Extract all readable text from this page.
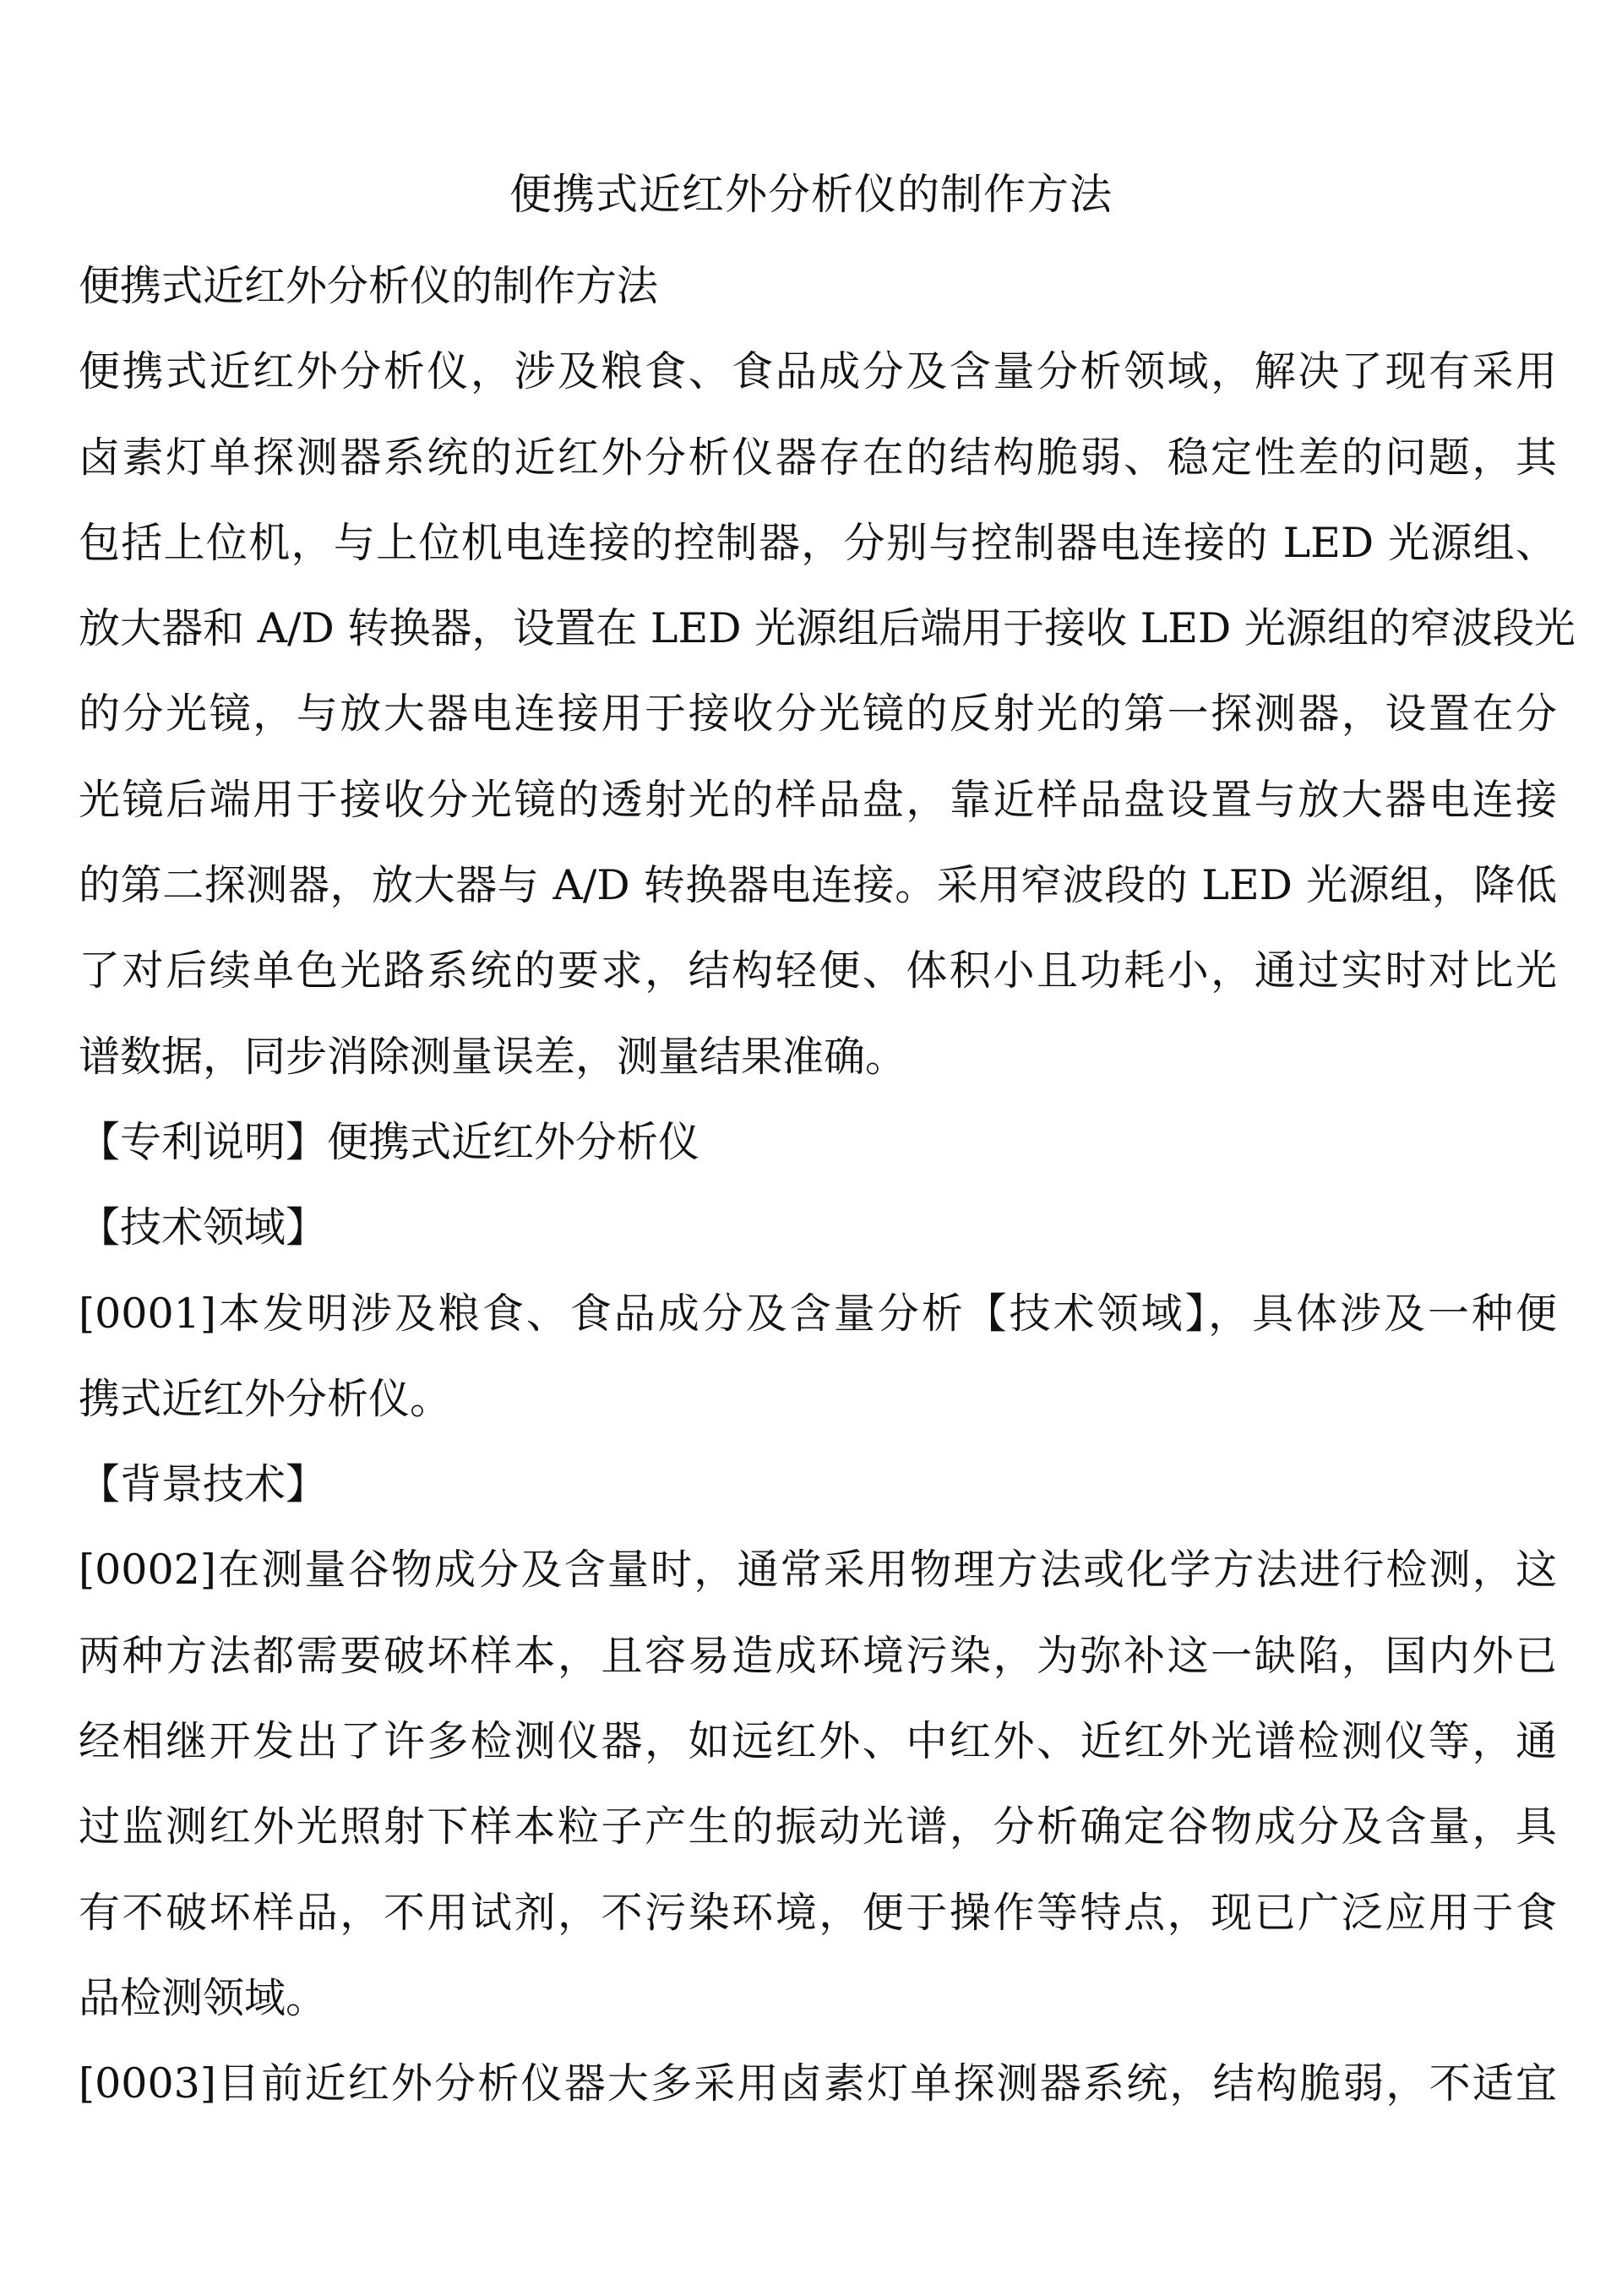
便携式近红外分析仪的制作方法
便携式近红外分析仪的制作方法
便携式近红外分析仪，涉及粮食、食品成分及含量分析领域，解决了现有采用
卤素灯单探测器系统的近红外分析仪器存在的结构脆弱、稳定性差的问题，其
包括上位机，与上位机电连接的控制器，分别与控制器电连接的 LED 光源组、
放大器和 A/D 转换器，设置在 LED 光源组后端用于接收 LED 光源组的窄波段光
的分光镜，与放大器电连接用于接收分光镜的反射光的第一探测器，设置在分
光镜后端用于接收分光镜的透射光的样品盘，靠近样品盘设置与放大器电连接
的第二探测器，放大器与 A/D 转换器电连接。采用窄波段的 LED 光源组，降低
了对后续单色光路系统的要求，结构轻便、体积小且功耗小，通过实时对比光
谱数据，同步消除测量误差，测量结果准确。
【专利说明】便携式近红外分析仪
【技术领域】
[0001]本发明涉及粮食、食品成分及含量分析【技术领域】，具体涉及一种便
携式近红外分析仪。
【背景技术】
[0002]在测量谷物成分及含量时，通常采用物理方法或化学方法进行检测，这
两种方法都需要破坏样本，且容易造成环境污染，为弥补这一缺陷，国内外已
经相继开发出了许多检测仪器，如远红外、中红外、近红外光谱检测仪等，通
过监测红外光照射下样本粒子产生的振动光谱，分析确定谷物成分及含量，具
有不破坏样品，不用试剂，不污染环境，便于操作等特点，现已广泛应用于食
品检测领域。
[0003]目前近红外分析仪器大多采用卤素灯单探测器系统，结构脆弱，不适宜
